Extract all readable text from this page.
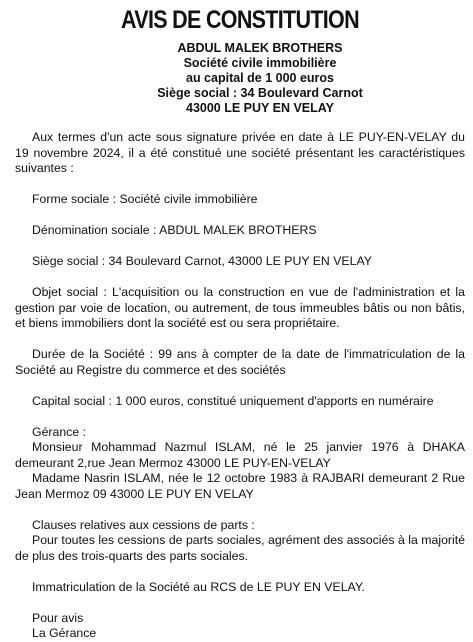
AVIS DE CONSTITUTION
ABDUL MALEK BROTHERS
Société civile immobilière
au capital de 1 000 euros
Siège social : 34 Boulevard Carnot
43000 LE PUY EN VELAY
Aux termes d'un acte sous signature privée en date à LE PUY-EN-VELAY du 19 novembre 2024, il a été constitué une société présentant les caractéristiques suivantes :
Forme sociale : Société civile immobilière
Dénomination sociale : ABDUL MALEK BROTHERS
Siège social : 34 Boulevard Carnot, 43000 LE PUY EN VELAY
Objet social : L'acquisition ou la construction en vue de l'administration et la gestion par voie de location, ou autrement, de tous immeubles bâtis ou non bâtis, et biens immobiliers dont la société est ou sera propriétaire.
Durée de la Société : 99 ans à compter de la date de l'immatriculation de la Société au Registre du commerce et des sociétés
Capital social : 1 000 euros, constitué uniquement d'apports en numéraire
Gérance :
Monsieur Mohammad Nazmul ISLAM, né le 25 janvier 1976 à DHAKA demeurant 2,rue Jean Mermoz 43000 LE PUY-EN-VELAY
Madame Nasrin ISLAM, née le 12 octobre 1983 à RAJBARI demeurant 2 Rue Jean Mermoz 09 43000 LE PUY EN VELAY
Clauses relatives aux cessions de parts :
Pour toutes les cessions de parts sociales, agrément des associés à la majorité de plus des trois-quarts des parts sociales.
Immatriculation de la Société au RCS de LE PUY EN VELAY.
Pour avis
La Gérance
